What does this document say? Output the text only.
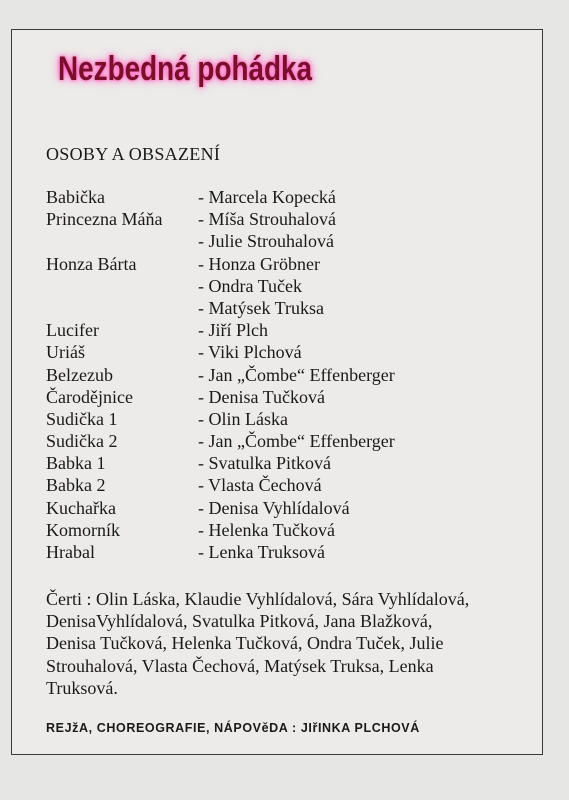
Nezbedná pohádka
OSOBY A OBSAZENÍ
Babička	- Marcela Kopecká
Princezna Máňa	- Míša Strouhalová
- Julie Strouhalová
Honza Bárta	- Honza Gröbner
- Ondra Tuček
- Matýsek Truksa
Lucifer	- Jiří Plch
Uriáš	- Viki Plchová
Belzezub	- Jan „Čombe“ Effenberger
Čarodějnice	- Denisa Tučková
Sudička 1	- Olin Láska
Sudička 2	- Jan „Čombe“ Effenberger
Babka 1	- Svatulka Pitková
Babka 2	- Vlasta Čechová
Kuchařka	- Denisa Vyhlídalová
Komorník	- Helenka Tučková
Hrabal	- Lenka Truksová
Čerti : Olin Láska, Klaudie Vyhlídalová, Sára Vyhlídalová, DenisaVyhlídalová, Svatulka Pitková, Jana Blažková, Denisa Tučková, Helenka Tučková, Ondra Tuček, Julie Strouhalová, Vlasta Čechová, Matýsek Truksa, Lenka Truksová.
REJžA, CHOREOGRAFIE, NÁPOVěDA : JIřINKA PLCHOVÁ
